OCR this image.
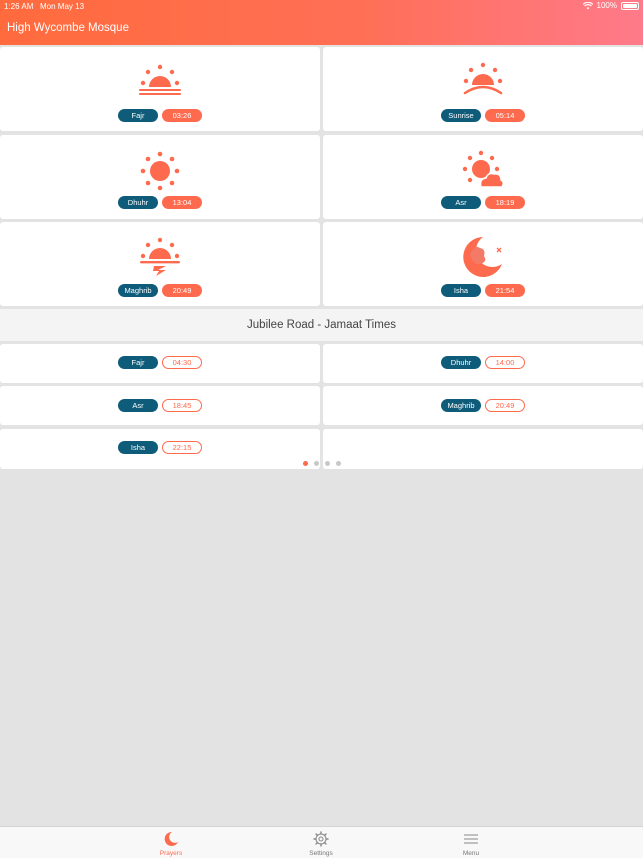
1:26 AM Mon May 13	100%
High Wycombe Mosque
Fajr	03:26	Sunrise	05:14
Dhuhr	13:04	Asr	18:19
Maghrib	20:49	Isha	21:54
Jubilee Road - Jamaat Times
Fajr	04:30	Dhuhr	14:00
Asr	18:45	Maghrib	20:49
Isha	22:15
Prayers	Settings	Menu
